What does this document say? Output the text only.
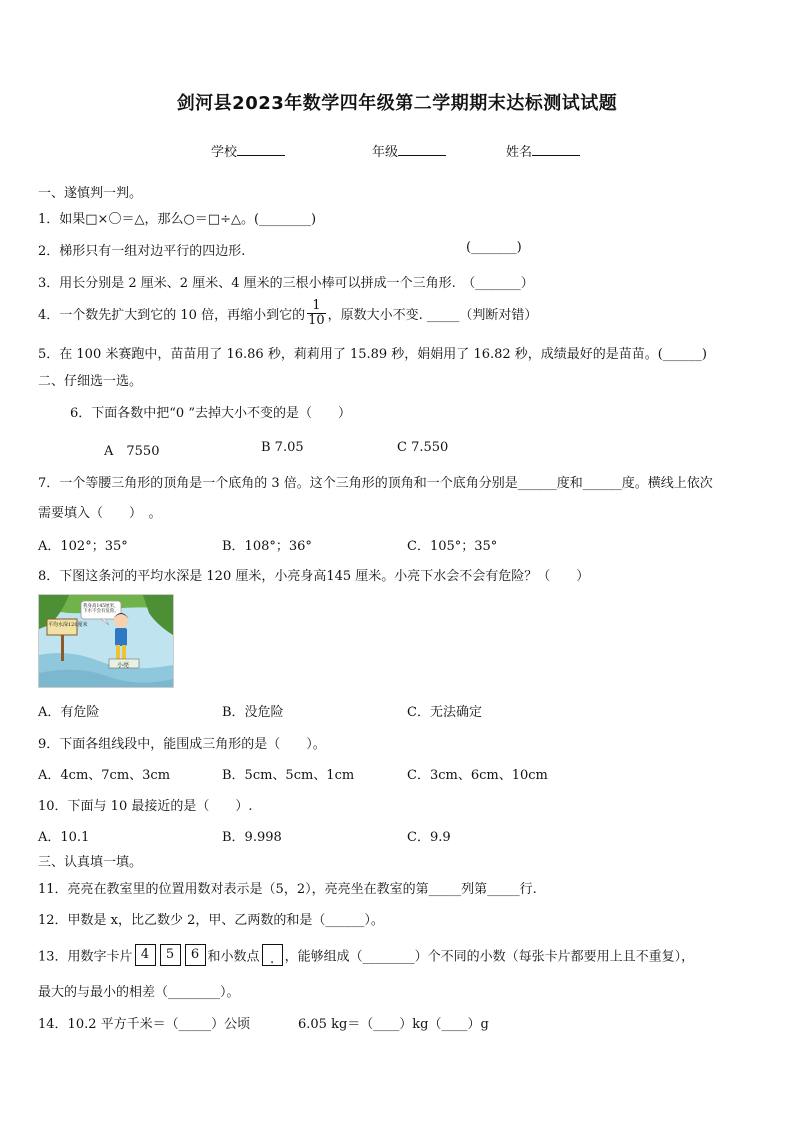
剑河县2023年数学四年级第二学期期末达标测试试题
学校	年级	姓名
一、遂慎判一判。
1．如果□×〇＝△，那么○＝□÷△。(________)
2．梯形只有一组对边平行的四边形.	(_______)
3．用长分别是 2 厘米、2 厘米、4 厘米的三根小棒可以拼成一个三角形.　（_______）
4．一个数先扩大到它的 10 倍，再缩小到它的 $\frac{1}{10}$ ，原数大小不变. _____（判断对错）
5．在 100 米赛跑中，苗苗用了 16.86 秒，莉莉用了 15.89 秒，娟娟用了 16.82 秒，成绩最好的是苗苗。(______)
二、仔细选一选。
6．下面各数中把“0 ”去掉大小不变的是（　　）
A　7550	B 7.05	C 7.550
7．一个等腰三角形的顶角是一个底角的 3 倍。这个三角形的顶角和一个底角分别是______度和______度。横线上依次
需要填入（　　）　。
A．102°；35°	B．108°；36°	C．105°；35°
8．下图这条河的平均水深是 120 厘米，小亮身高145 厘米。小亮下水会不会有危险？（　　）
平均水深120厘米
我身高145厘米，下水不会有危险。
小亮
A．有危险	B．没危险	C．无法确定
9．下面各组线段中，能围成三角形的是（　　）。
A．4cm、7cm、3cm	B．5cm、5cm、1cm	C．3cm、6cm、10cm
10．下面与 10 最接近的是（　　）.
A．10.1	B．9.998	C．9.9
三、认真填一填。
11．亮亮在教室里的位置用数对表示是（5，2），亮亮坐在教室的第_____列第_____行.
12．甲数是 x，比乙数少 2，甲、乙两数的和是（______）。
13．用数字卡片 4 5 6 和小数点 . ，能够组成（________）个不同的小数（每张卡片都要用上且不重复），
最大的与最小的相差（________）。
14．10.2 平方千米＝（_____）公顷	6.05 kg＝（____）kg（____）g
